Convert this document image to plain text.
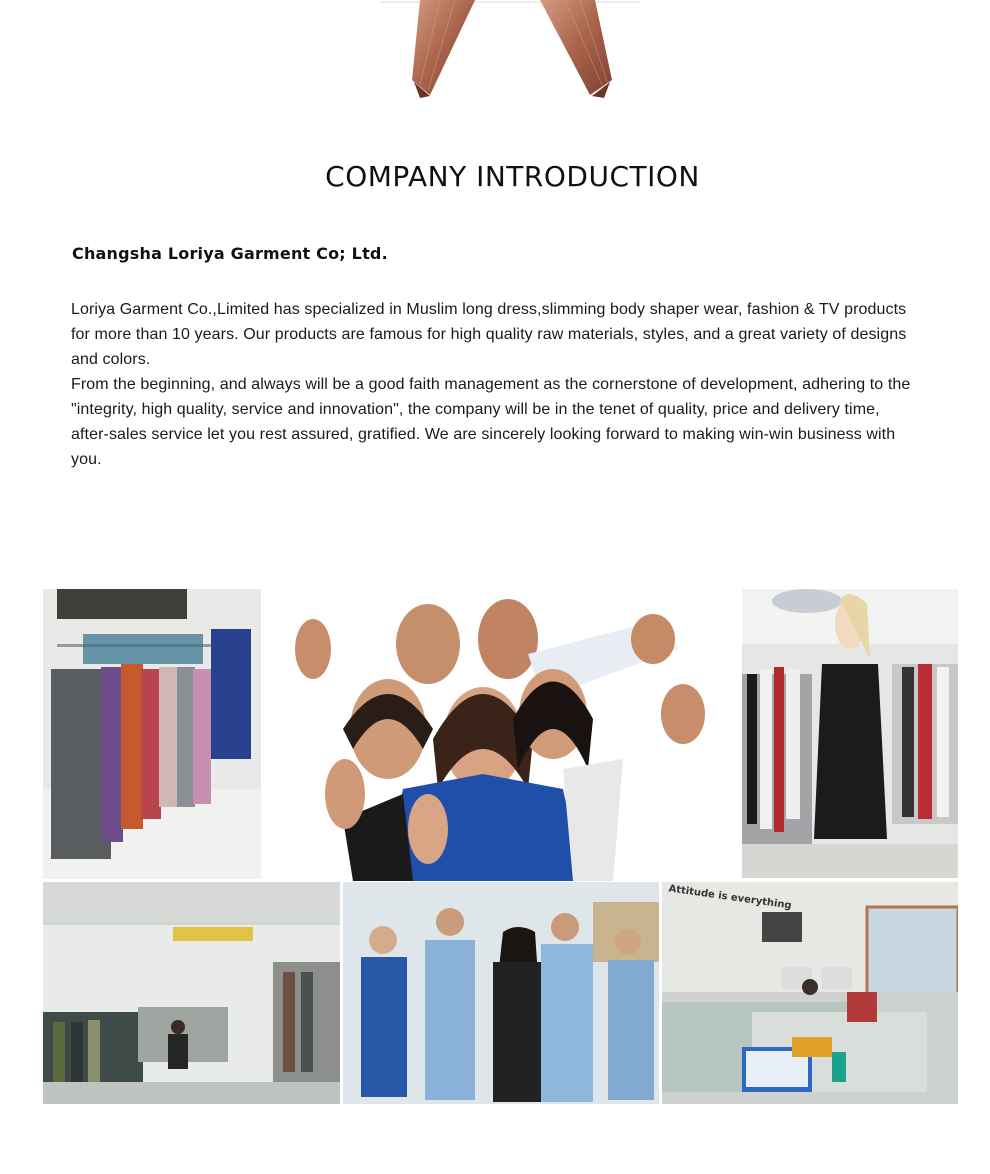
COMPANY INTRODUCTION
Changsha Loriya Garment Co; Ltd.

Loriya Garment Co.,Limited has specialized in Muslim long dress,slimming body shaper wear, fashion & TV products for more than 10 years. Our products are famous for high quality raw materials, styles, and a great variety of designs and colors.

From the beginning, and always will be a good faith management as the cornerstone of development, adhering to the "integrity, high quality, service and innovation", the company will be in the tenet of quality, price and delivery time, after-sales service let you rest assured, gratified. We are sincerely looking forward to making win-win business with you.

Attitude is everything
